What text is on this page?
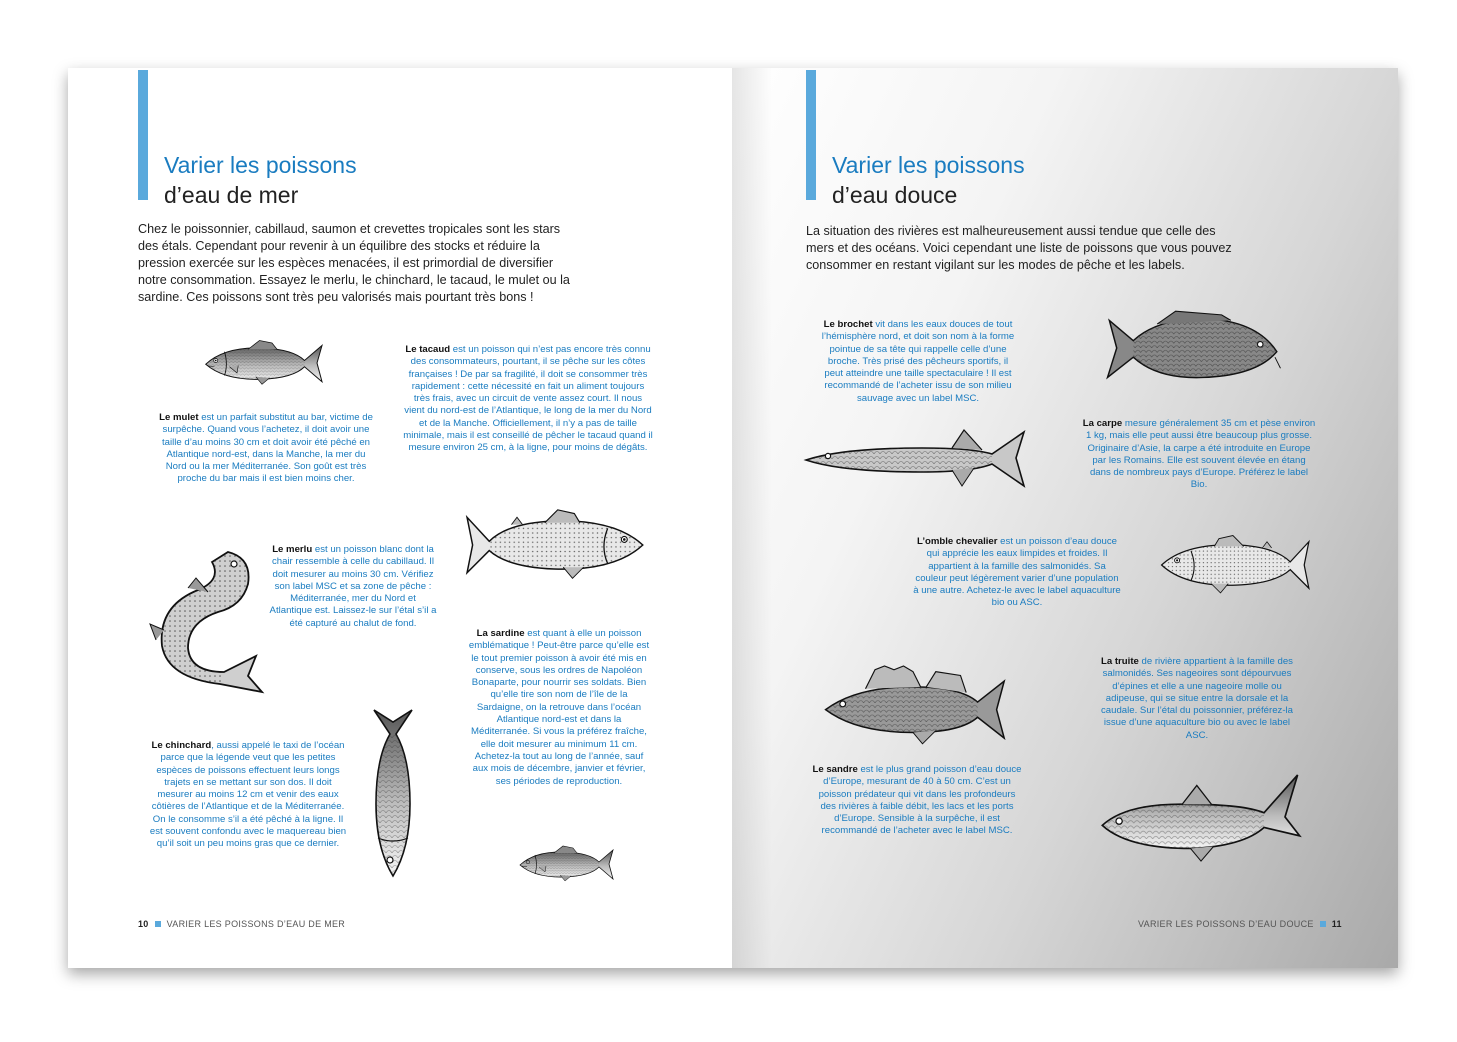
Varier les poissons
d’eau de mer
Chez le poissonnier, cabillaud, saumon et crevettes tropicales sont les stars des étals. Cependant pour revenir à un équilibre des stocks et réduire la pression exercée sur les espèces menacées, il est primordial de diversifier notre consommation. Essayez le merlu, le chinchard, le tacaud, le mulet ou la sardine. Ces poissons sont très peu valorisés mais pourtant très bons !
Le mulet est un parfait substitut au bar, victime de surpêche. Quand vous l’achetez, il doit avoir une taille d’au moins 30 cm et doit avoir été pêché en Atlantique nord-est, dans la Manche, la mer du Nord ou la mer Méditerranée. Son goût est très proche du bar mais il est bien moins cher.
Le tacaud est un poisson qui n’est pas encore très connu des consommateurs, pourtant, il se pêche sur les côtes françaises ! De par sa fragilité, il doit se consommer très rapidement : cette nécessité en fait un aliment toujours très frais, avec un circuit de vente assez court. Il nous vient du nord-est de l’Atlantique, le long de la mer du Nord et de la Manche. Officiellement, il n’y a pas de taille minimale, mais il est conseillé de pêcher le tacaud quand il mesure environ 25 cm, à la ligne, pour moins de dégâts.
Le merlu est un poisson blanc dont la chair ressemble à celle du cabillaud. Il doit mesurer au moins 30 cm. Vérifiez son label MSC et sa zone de pêche : Méditerranée, mer du Nord et Atlantique est. Laissez-le sur l’étal s’il a été capturé au chalut de fond.
La sardine est quant à elle un poisson emblématique ! Peut-être parce qu’elle est le tout premier poisson à avoir été mis en conserve, sous les ordres de Napoléon Bonaparte, pour nourrir ses soldats. Bien qu’elle tire son nom de l’île de la Sardaigne, on la retrouve dans l’océan Atlantique nord-est et dans la Méditerranée. Si vous la préférez fraîche, elle doit mesurer au minimum 11 cm. Achetez-la tout au long de l’année, sauf aux mois de décembre, janvier et février, ses périodes de reproduction.
Le chinchard, aussi appelé le taxi de l’océan parce que la légende veut que les petites espèces de poissons effectuent leurs longs trajets en se mettant sur son dos. Il doit mesurer au moins 12 cm et venir des eaux côtières de l’Atlantique et de la Méditerranée. On le consomme s’il a été pêché à la ligne. Il est souvent confondu avec le maquereau bien qu’il soit un peu moins gras que ce dernier.
10 VARIER LES POISSONS D’EAU DE MER
Varier les poissons
d’eau douce
La situation des rivières est malheureusement aussi tendue que celle des mers et des océans. Voici cependant une liste de poissons que vous pouvez consommer en restant vigilant sur les modes de pêche et les labels.
Le brochet vit dans les eaux douces de tout l’hémisphère nord, et doit son nom à la forme pointue de sa tête qui rappelle celle d’une broche. Très prisé des pêcheurs sportifs, il peut atteindre une taille spectaculaire ! Il est recommandé de l’acheter issu de son milieu sauvage avec un label MSC.
La carpe mesure généralement 35 cm et pèse environ 1 kg, mais elle peut aussi être beaucoup plus grosse. Originaire d’Asie, la carpe a été introduite en Europe par les Romains. Elle est souvent élevée en étang dans de nombreux pays d’Europe. Préférez le label Bio.
L’omble chevalier est un poisson d’eau douce qui apprécie les eaux limpides et froides. Il appartient à la famille des salmonidés. Sa couleur peut légèrement varier d’une population à une autre. Achetez-le avec le label aquaculture bio ou ASC.
La truite de rivière appartient à la famille des salmonidés. Ses nageoires sont dépourvues d’épines et elle a une nageoire molle ou adipeuse, qui se situe entre la dorsale et la caudale. Sur l’étal du poissonnier, préférez-la issue d’une aquaculture bio ou avec le label ASC.
Le sandre est le plus grand poisson d’eau douce d’Europe, mesurant de 40 à 50 cm. C’est un poisson prédateur qui vit dans les profondeurs des rivières à faible débit, les lacs et les ports d’Europe. Sensible à la surpêche, il est recommandé de l’acheter avec le label MSC.
VARIER LES POISSONS D’EAU DOUCE 11
